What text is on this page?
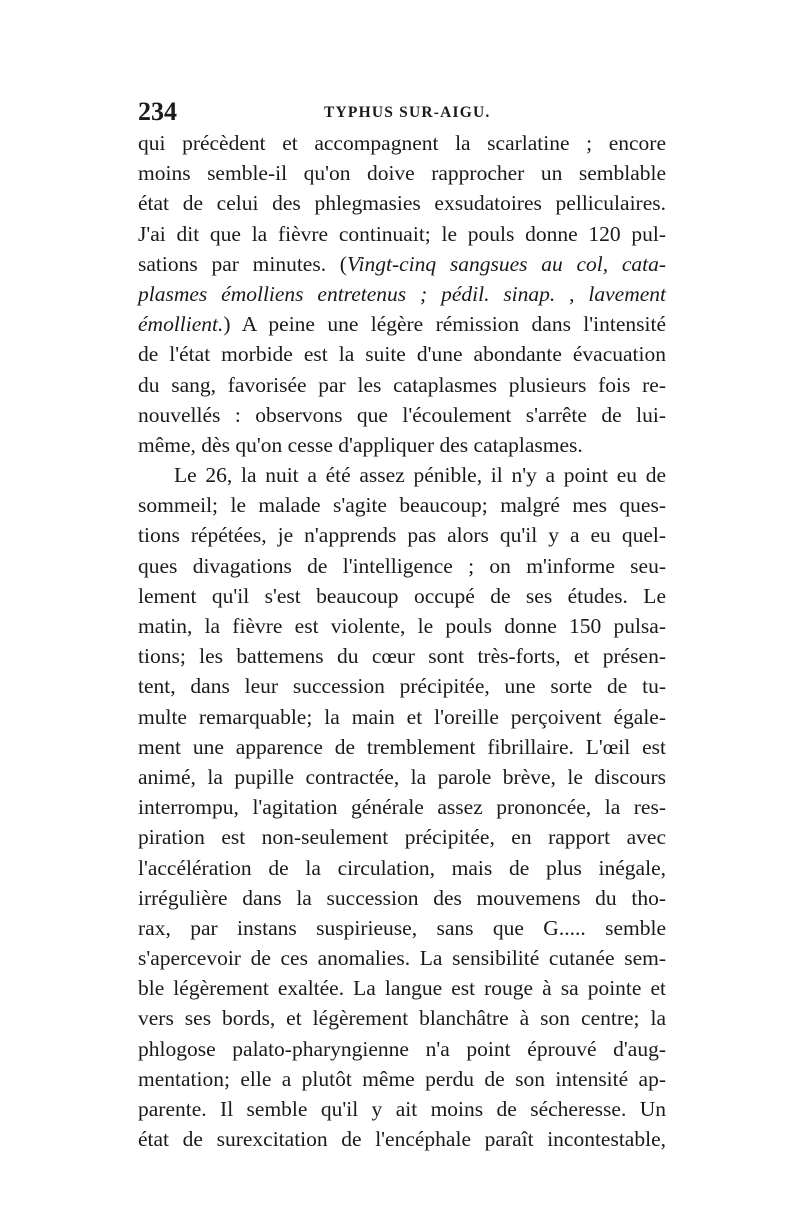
234	TYPHUS SUR-AIGU.
qui précèdent et accompagnent la scarlatine ; encore
moins semble-il qu'on doive rapprocher un semblable
état de celui des phlegmasies exsudatoires pelliculaires.
J'ai dit que la fièvre continuait; le pouls donne 120 pul-
sations par minutes. (Vingt-cinq sangsues au col, cata-
plasmes émolliens entretenus ; pédil. sinap. , lavement
émollient.) A peine une légère rémission dans l'intensité
de l'état morbide est la suite d'une abondante évacuation
du sang, favorisée par les cataplasmes plusieurs fois re-
nouvellés : observons que l'écoulement s'arrête de lui-
même, dès qu'on cesse d'appliquer des cataplasmes.
Le 26, la nuit a été assez pénible, il n'y a point eu de
sommeil; le malade s'agite beaucoup; malgré mes ques-
tions répétées, je n'apprends pas alors qu'il y a eu quel-
ques divagations de l'intelligence ; on m'informe seu-
lement qu'il s'est beaucoup occupé de ses études. Le
matin, la fièvre est violente, le pouls donne 150 pulsa-
tions; les battemens du cœur sont très-forts, et présen-
tent, dans leur succession précipitée, une sorte de tu-
multe remarquable; la main et l'oreille perçoivent égale-
ment une apparence de tremblement fibrillaire. L'œil est
animé, la pupille contractée, la parole brève, le discours
interrompu, l'agitation générale assez prononcée, la res-
piration est non-seulement précipitée, en rapport avec
l'accélération de la circulation, mais de plus inégale,
irrégulière dans la succession des mouvemens du tho-
rax, par instans suspirieuse, sans que G..... semble
s'apercevoir de ces anomalies. La sensibilité cutanée sem-
ble légèrement exaltée. La langue est rouge à sa pointe et
vers ses bords, et légèrement blanchâtre à son centre; la
phlogose palato-pharyngienne n'a point éprouvé d'aug-
mentation; elle a plutôt même perdu de son intensité ap-
parente. Il semble qu'il y ait moins de sécheresse. Un
état de surexcitation de l'encéphale paraît incontestable,
